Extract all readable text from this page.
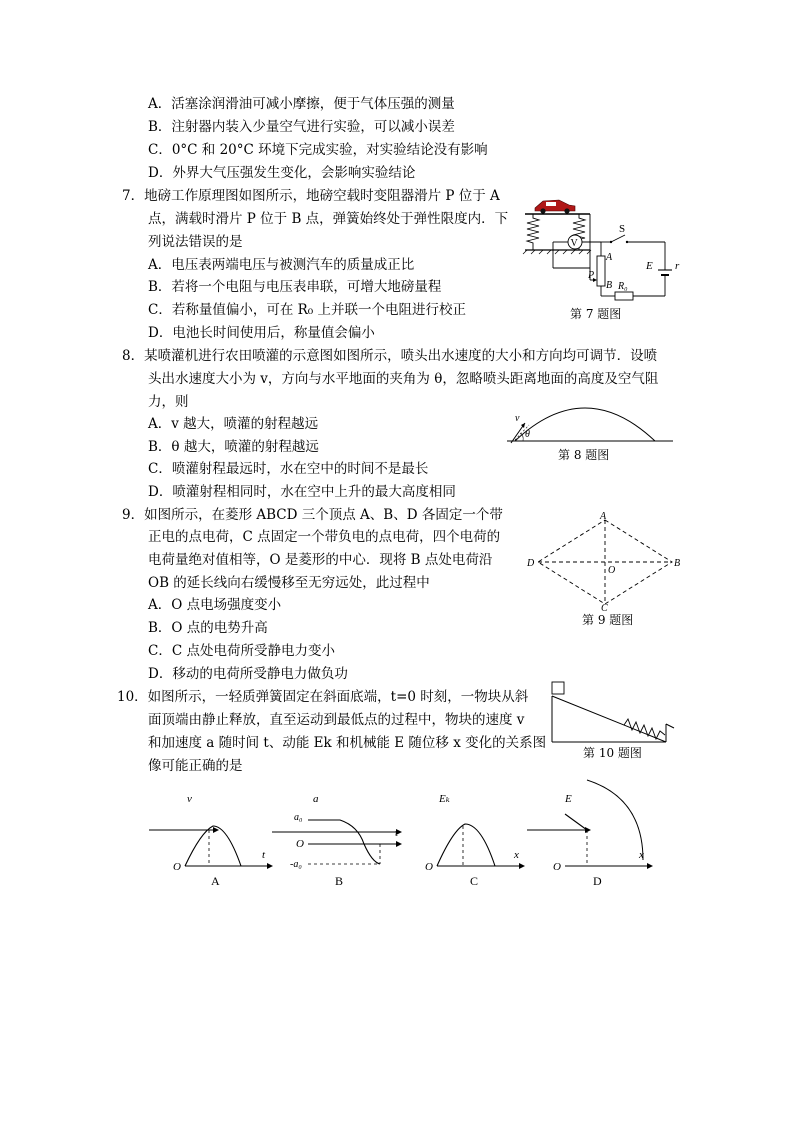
A．活塞涂润滑油可减小摩擦，便于气体压强的测量
B．注射器内装入少量空气进行实验，可以减小误差
C．0°C 和 20°C 环境下完成实验，对实验结论没有影响
D．外界大气压强发生变化，会影响实验结论
7．地磅工作原理图如图所示，地磅空载时变阻器滑片 P 位于 A
点，满载时滑片 P 位于 B 点，弹簧始终处于弹性限度内．下
列说法错误的是
A．电压表两端电压与被测汽车的质量成正比
B．若将一个电阻与电压表串联，可增大地磅量程
C．若称量值偏小，可在 R₀ 上并联一个电阻进行校正
D．电池长时间使用后，称量值会偏小
V
S
E r
A
B
P
R₀
第 7 题图
8．某喷灌机进行农田喷灌的示意图如图所示，喷头出水速度的大小和方向均可调节．设喷
头出水速度大小为 v，方向与水平地面的夹角为 θ，忽略喷头距离地面的高度及空气阻
力，则
A．v 越大，喷灌的射程越远
B．θ 越大，喷灌的射程越远
C．喷灌射程最远时，水在空中的时间不是最长
D．喷灌射程相同时，水在空中上升的最大高度相同
v
θ
第 8 题图
9．如图所示，在菱形 ABCD 三个顶点 A、B、D 各固定一个带
正电的点电荷，C 点固定一个带负电的点电荷，四个电荷的
电荷量绝对值相等，O 是菱形的中心．现将 B 点处电荷沿
OB 的延长线向右缓慢移至无穷远处，此过程中
A．O 点电场强度变小
B．O 点的电势升高
C．C 点处电荷所受静电力变小
D．移动的电荷所受静电力做负功
A
B
C
D
O
第 9 题图
10．如图所示，一轻质弹簧固定在斜面底端，t=0 时刻，一物块从斜
面顶端由静止释放，直至运动到最低点的过程中，物块的速度 v
和加速度 a 随时间 t、动能 Ek 和机械能 E 随位移 x 变化的关系图
像可能正确的是
第 10 题图
v
O
t
A
a
a₀
-a₀
O
t
B
Eₖ
O
x
C
E
O
x
D
